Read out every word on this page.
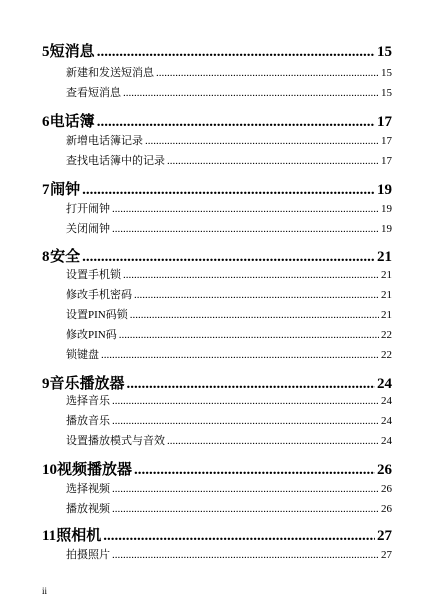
5 短消息 .....	15
新建和发送短消息 .....	15
查看短消息 .....	15
6 电话簿 .....	17
新增电话簿记录 .....	17
查找电话簿中的记录 .....	17
7 闹钟 .....	19
打开闹钟 .....	19
关闭闹钟 .....	19
8 安全 .....	21
设置手机锁 .....	21
修改手机密码 .....	21
设置PIN码锁 .....	21
修改PIN码 .....	22
锁键盘 .....	22
9 音乐播放器 .....	24
选择音乐 .....	24
播放音乐 .....	24
设置播放模式与音效 .....	24
10 视频播放器 .....	26
选择视频 .....	26
播放视频 .....	26
11 照相机 .....	27
拍摄照片 .....	27
ii
